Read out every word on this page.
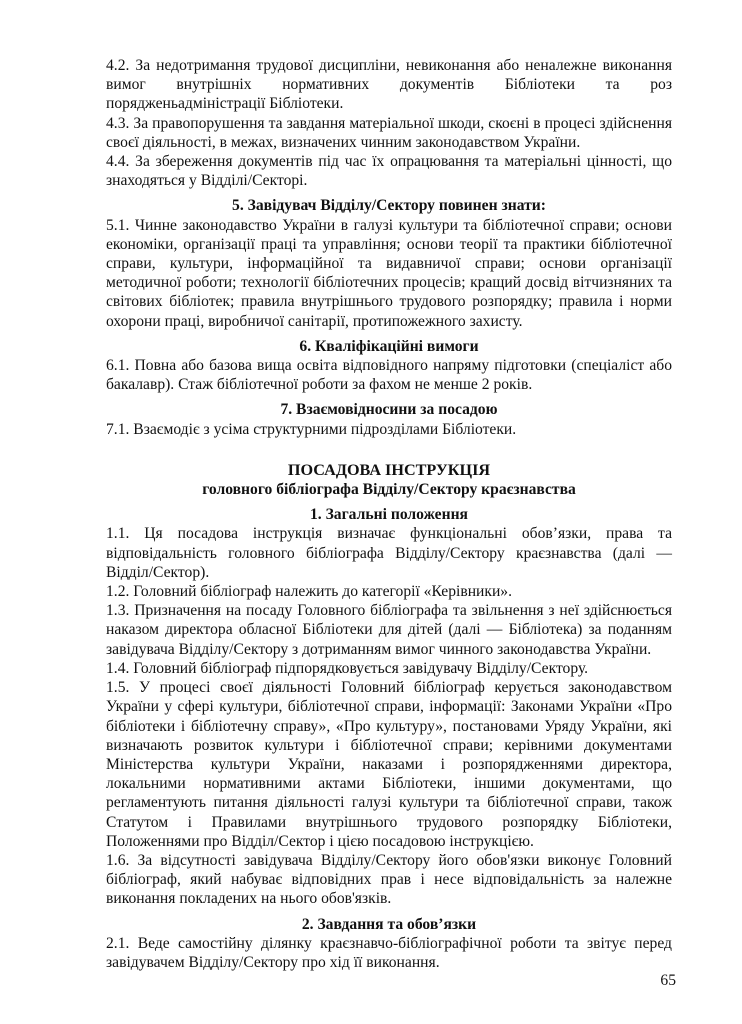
4.2. За недотримання трудової дисципліни, невиконання або неналежне виконання вимог внутрішніх нормативних документів Бібліотеки та роз порядженьадміністрації Бібліотеки.

4.3. За правопорушення та завдання матеріальної шкоди, скоєні в процесі здійснення своєї діяльності, в межах, визначених чинним законодавством України.

4.4. За збереження документів під час їх опрацювання та матеріальні цінності, що знаходяться у Відділі/Секторі.

5. Завідувач Відділу/Сектору повинен знати:

5.1. Чинне законодавство України в галузі культури та бібліотечної справи; основи економіки, організації праці та управління; основи теорії та практики бібліотечної справи, культури, інформаційної та видавничої справи; основи організації методичної роботи; технології бібліотечних процесів; кращий досвід вітчизняних та світових бібліотек; правила внутрішнього трудового розпорядку; правила і норми охорони праці, виробничої санітарії, протипожежного захисту.

6. Кваліфікаційні вимоги

6.1. Повна або базова вища освіта відповідного напряму підготовки (спеціаліст або бакалавр). Стаж бібліотечної роботи за фахом не менше 2 років.

7. Взаємовідносини за посадою

7.1. Взаємодіє з усіма структурними підрозділами Бібліотеки.

ПОСАДОВА ІНСТРУКЦІЯ

головного бібліографа Відділу/Сектору краєзнавства

1. Загальні положення

1.1. Ця посадова інструкція визначає функціональні обов’язки, права та відповідальність головного бібліографа Відділу/Сектору краєзнавства (далі — Відділ/Сектор).

1.2. Головний бібліограф належить до категорії «Керівники».

1.3. Призначення на посаду Головного бібліографа та звільнення з неї здійснюється наказом директора обласної Бібліотеки для дітей (далі — Бібліотека) за поданням завідувача Відділу/Сектору з дотриманням вимог чинного законодавства України.

1.4. Головний бібліограф підпорядковується завідувачу Відділу/Сектору.

1.5. У процесі своєї діяльності Головний бібліограф керується законодавством України у сфері культури, бібліотечної справи, інформації: Законами України «Про бібліотеки і бібліотечну справу», «Про культуру», постановами Уряду України, які визначають розвиток культури і бібліотечної справи; керівними документами Міністерства культури України, наказами і розпорядженнями директора, локальними нормативними актами Бібліотеки, іншими документами, що регламентують питання діяльності галузі культури та бібліотечної справи, також Статутом і Правилами внутрішнього трудового розпорядку Бібліотеки, Положеннями про Відділ/Сектор і цією посадовою інструкцією.

1.6. За відсутності завідувача Відділу/Сектору його обов'язки виконує Головний бібліограф, який набуває відповідних прав і несе відповідальність за належне виконання покладених на нього обов'язків.

2. Завдання та обов’язки

2.1. Веде самостійну ділянку краєзнавчо-бібліографічної роботи та звітує перед завідувачем Відділу/Сектору про хід її виконання.

65
